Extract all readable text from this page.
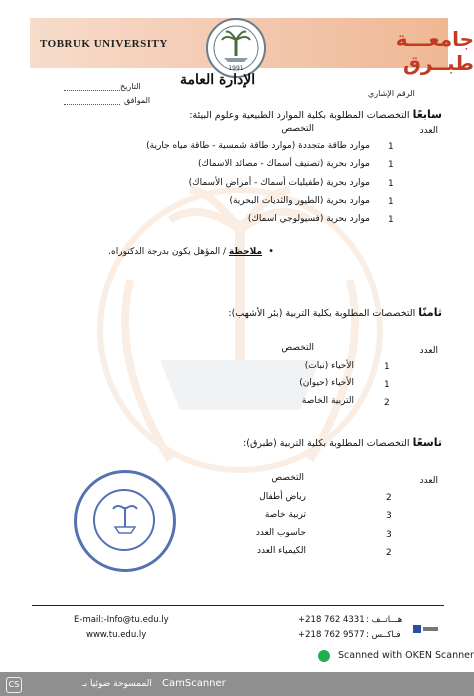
TOBRUK UNIVERSITY	جامعـــة طبــرق
1991
الرقم الإشاري
التاريخ
الموافق
الإدارة العامة
سابعًا التخصصات المطلوبة بكلية الموارد الطبيعية وعلوم البيئة:
العدد
التخصص
1
موارد طاقة متجددة (موارد طاقة شمسية - طاقة مياه جارية)
1
موارد بحرية (تصنيف أسماك - مصائد الاسماك)
1
موارد بحرية (طفيليات أسماك - أمراض الأسماك)
1
موارد بحرية (الطيور والثديات البحرية)
1
موارد بحرية (فسيولوجي اسماك)
•  ملاحظة / المؤهل يكون بدرجة الدكتوراه.
ثامنًا التخصصات المطلوبة بكلية التربية (بئر الأشهب):
العدد
التخصص
1
الأحياء (نبات)
1
الأحياء (حيوان)
2
التربية الخاصة
تاسعًا التخصصات المطلوبة بكلية التربية (طبرق):
العدد
التخصص
2
رياض أطفال
3
تربية خاصة
3
حاسوب العدد
2
الكيمياء العدد
E-mail:-Info@tu.edu.ly
www.tu.edu.ly
+218 762 4331 هـــاتــف :
+218 762 9577 فـاكــس :
Scanned with OKEN Scanner
CS	الممسوحة ضوئيا بـ CamScanner
